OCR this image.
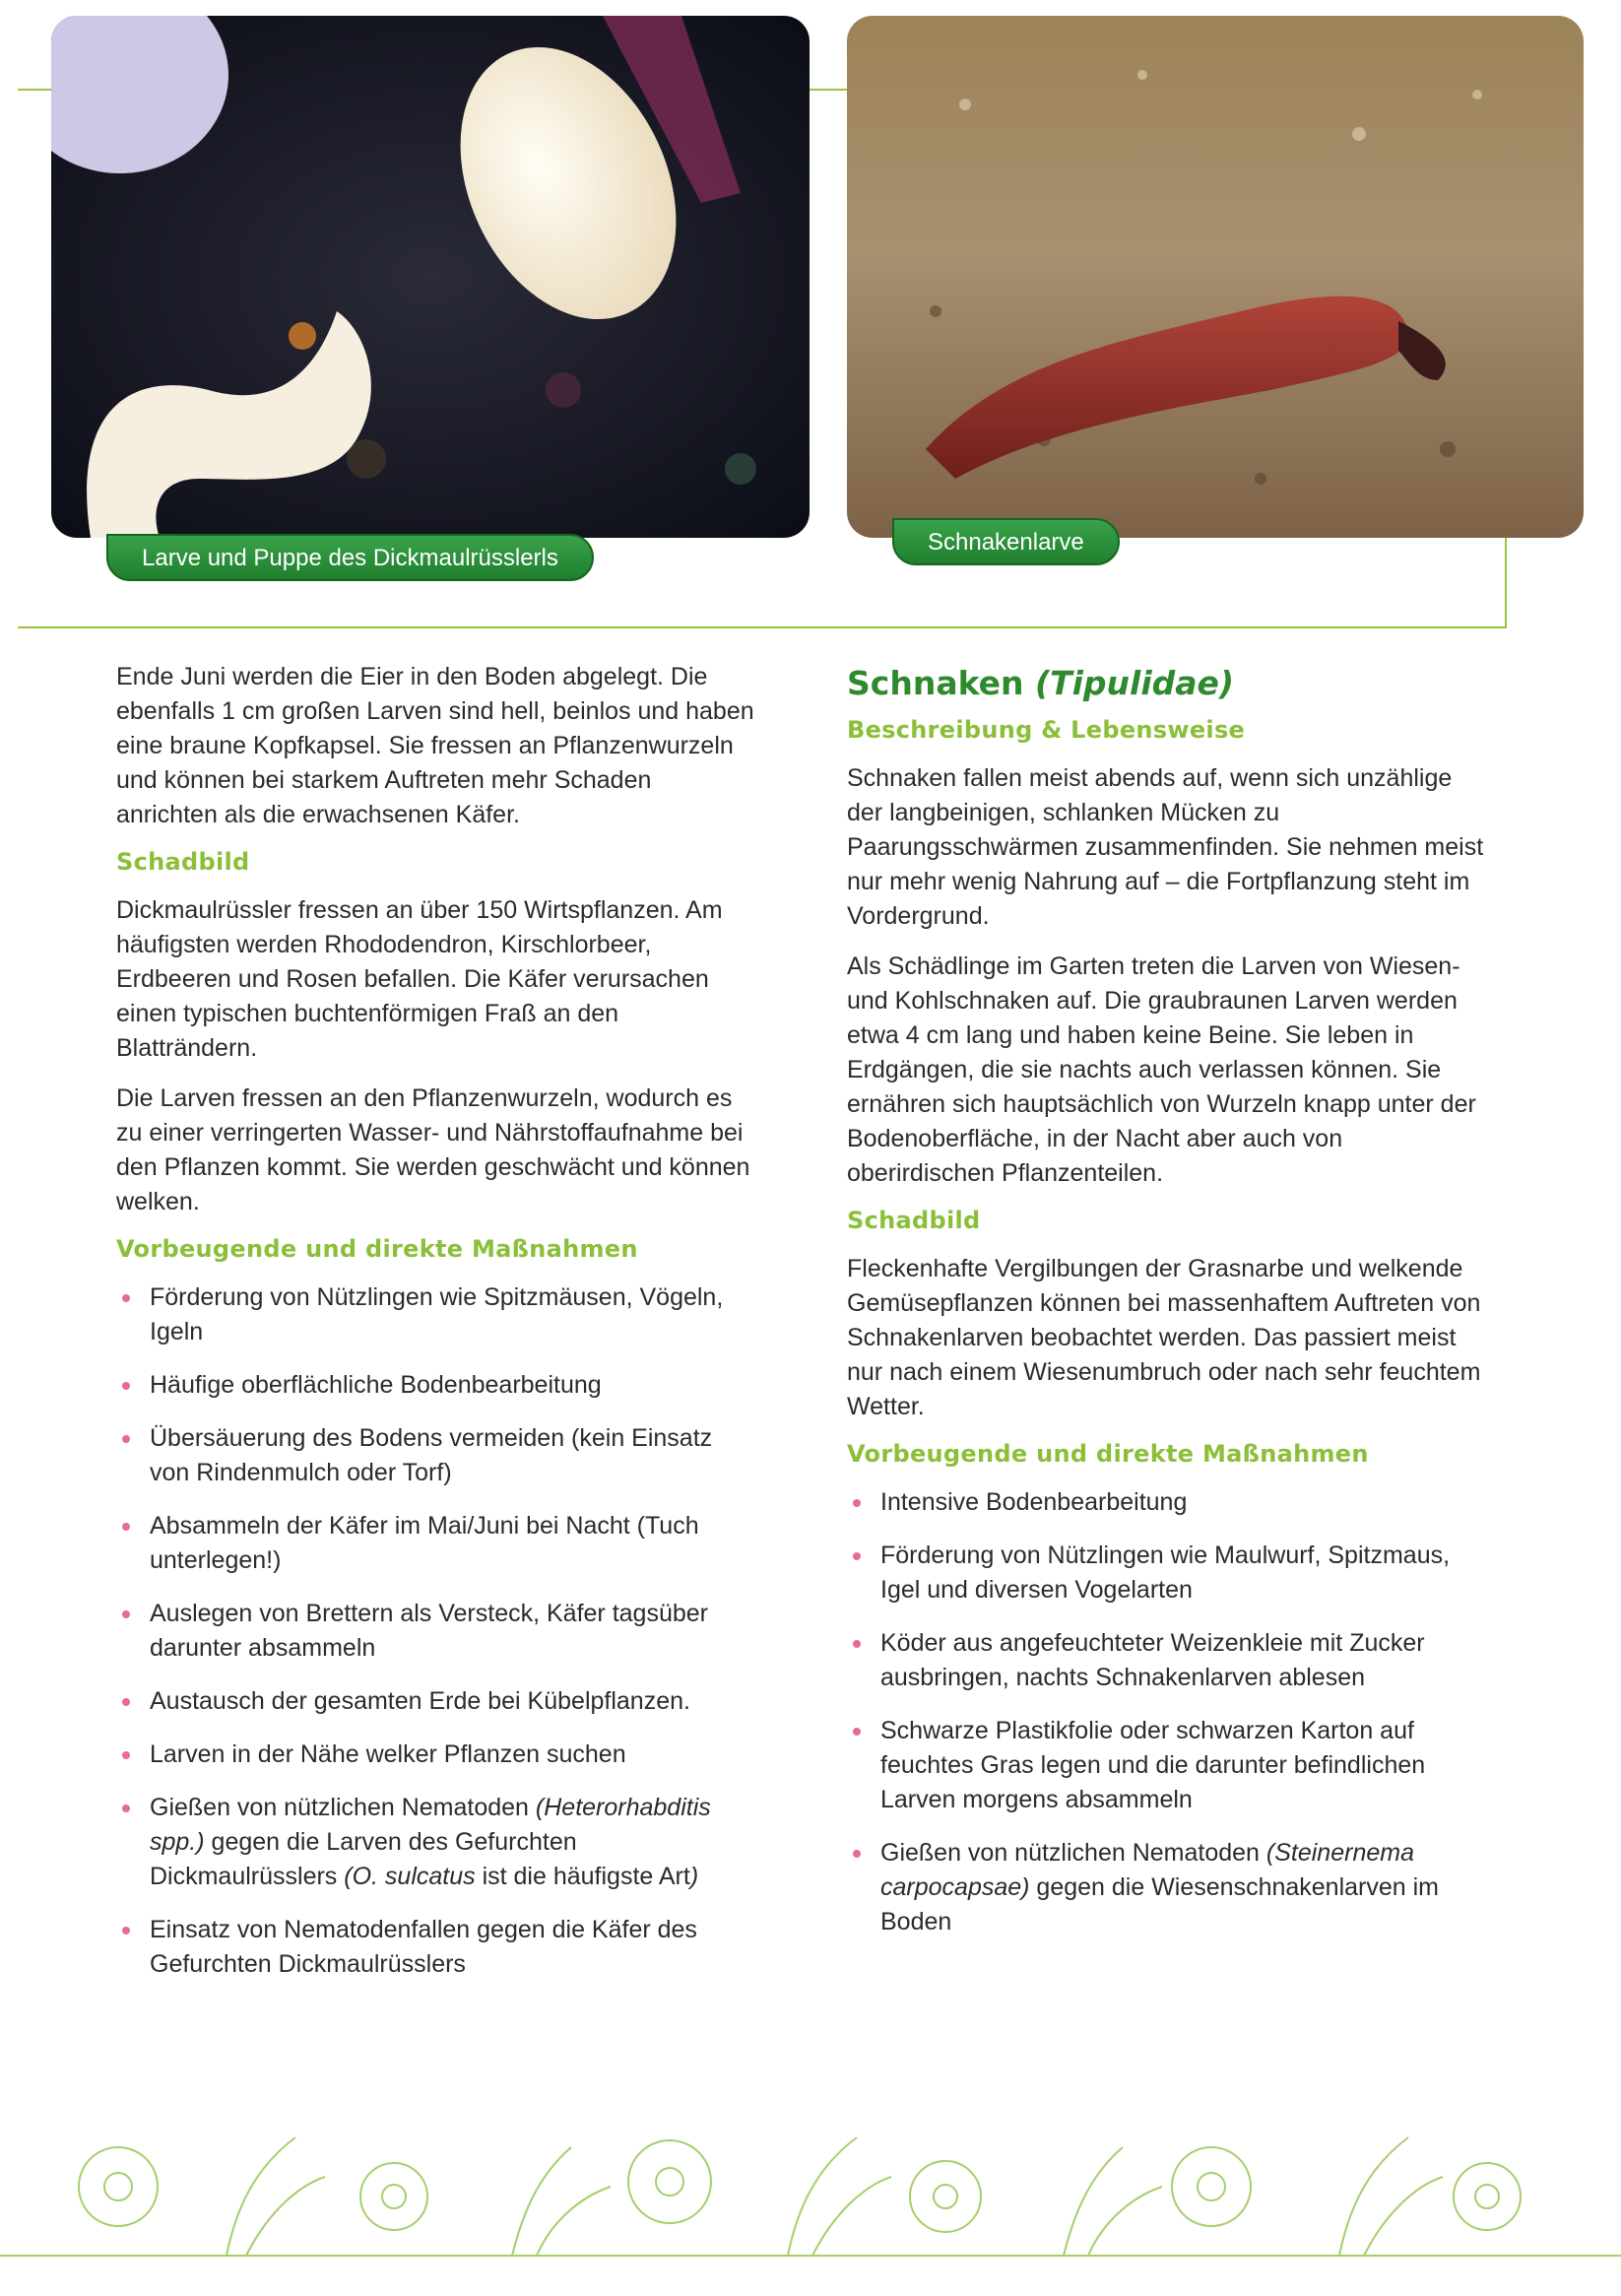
Larve und Puppe des Dickmaulrüsslerls
Schnakenlarve

Ende Juni werden die Eier in den Boden abgelegt. Die ebenfalls 1 cm großen Larven sind hell, beinlos und haben eine braune Kopfkapsel. Sie fressen an Pflanzenwurzeln und können bei starkem Auftreten mehr Schaden anrichten als die erwachsenen Käfer.

Schadbild

Dickmaulrüssler fressen an über 150 Wirtspflanzen. Am häufigsten werden Rhododendron, Kirschlorbeer, Erdbeeren und Rosen befallen. Die Käfer verursachen einen typischen buchtenförmigen Fraß an den Blatträndern.

Die Larven fressen an den Pflanzenwurzeln, wodurch es zu einer verringerten Wasser- und Nährstoffaufnahme bei den Pflanzen kommt. Sie werden geschwächt und können welken.

Vorbeugende und direkte Maßnahmen
Förderung von Nützlingen wie Spitzmäusen, Vögeln, Igeln
Häufige oberflächliche Bodenbearbeitung
Übersäuerung des Bodens vermeiden (kein Einsatz von Rindenmulch oder Torf)
Absammeln der Käfer im Mai/Juni bei Nacht (Tuch unterlegen!)
Auslegen von Brettern als Versteck, Käfer tagsüber darunter absammeln
Austausch der gesamten Erde bei Kübelpflanzen.
Larven in der Nähe welker Pflanzen suchen
Gießen von nützlichen Nematoden (Heterorhabditis spp.) gegen die Larven des Gefurchten Dickmaulrüsslers (O. sulcatus ist die häufigste Art)
Einsatz von Nematodenfallen gegen die Käfer des Gefurchten Dickmaulrüsslers
Schnaken (Tipulidae)
Beschreibung & Lebensweise

Schnaken fallen meist abends auf, wenn sich unzählige der langbeinigen, schlanken Mücken zu Paarungsschwärmen zusammenfinden. Sie nehmen meist nur mehr wenig Nahrung auf – die Fortpflanzung steht im Vordergrund.

Als Schädlinge im Garten treten die Larven von Wiesen- und Kohlschnaken auf. Die graubraunen Larven werden etwa 4 cm lang und haben keine Beine. Sie leben in Erdgängen, die sie nachts auch verlassen können. Sie ernähren sich hauptsächlich von Wurzeln knapp unter der Bodenoberfläche, in der Nacht aber auch von oberirdischen Pflanzenteilen.

Schadbild

Fleckenhafte Vergilbungen der Grasnarbe und welkende Gemüsepflanzen können bei massenhaftem Auftreten von Schnakenlarven beobachtet werden. Das passiert meist nur nach einem Wiesenumbruch oder nach sehr feuchtem Wetter.

Vorbeugende und direkte Maßnahmen
Intensive Bodenbearbeitung
Förderung von Nützlingen wie Maulwurf, Spitzmaus, Igel und diversen Vogelarten
Köder aus angefeuchteter Weizenkleie mit Zucker ausbringen, nachts Schnakenlarven ablesen
Schwarze Plastikfolie oder schwarzen Karton auf feuchtes Gras legen und die darunter befindlichen Larven morgens absammeln
Gießen von nützlichen Nematoden (Steinernema carpocapsae) gegen die Wiesenschnakenlarven im Boden
